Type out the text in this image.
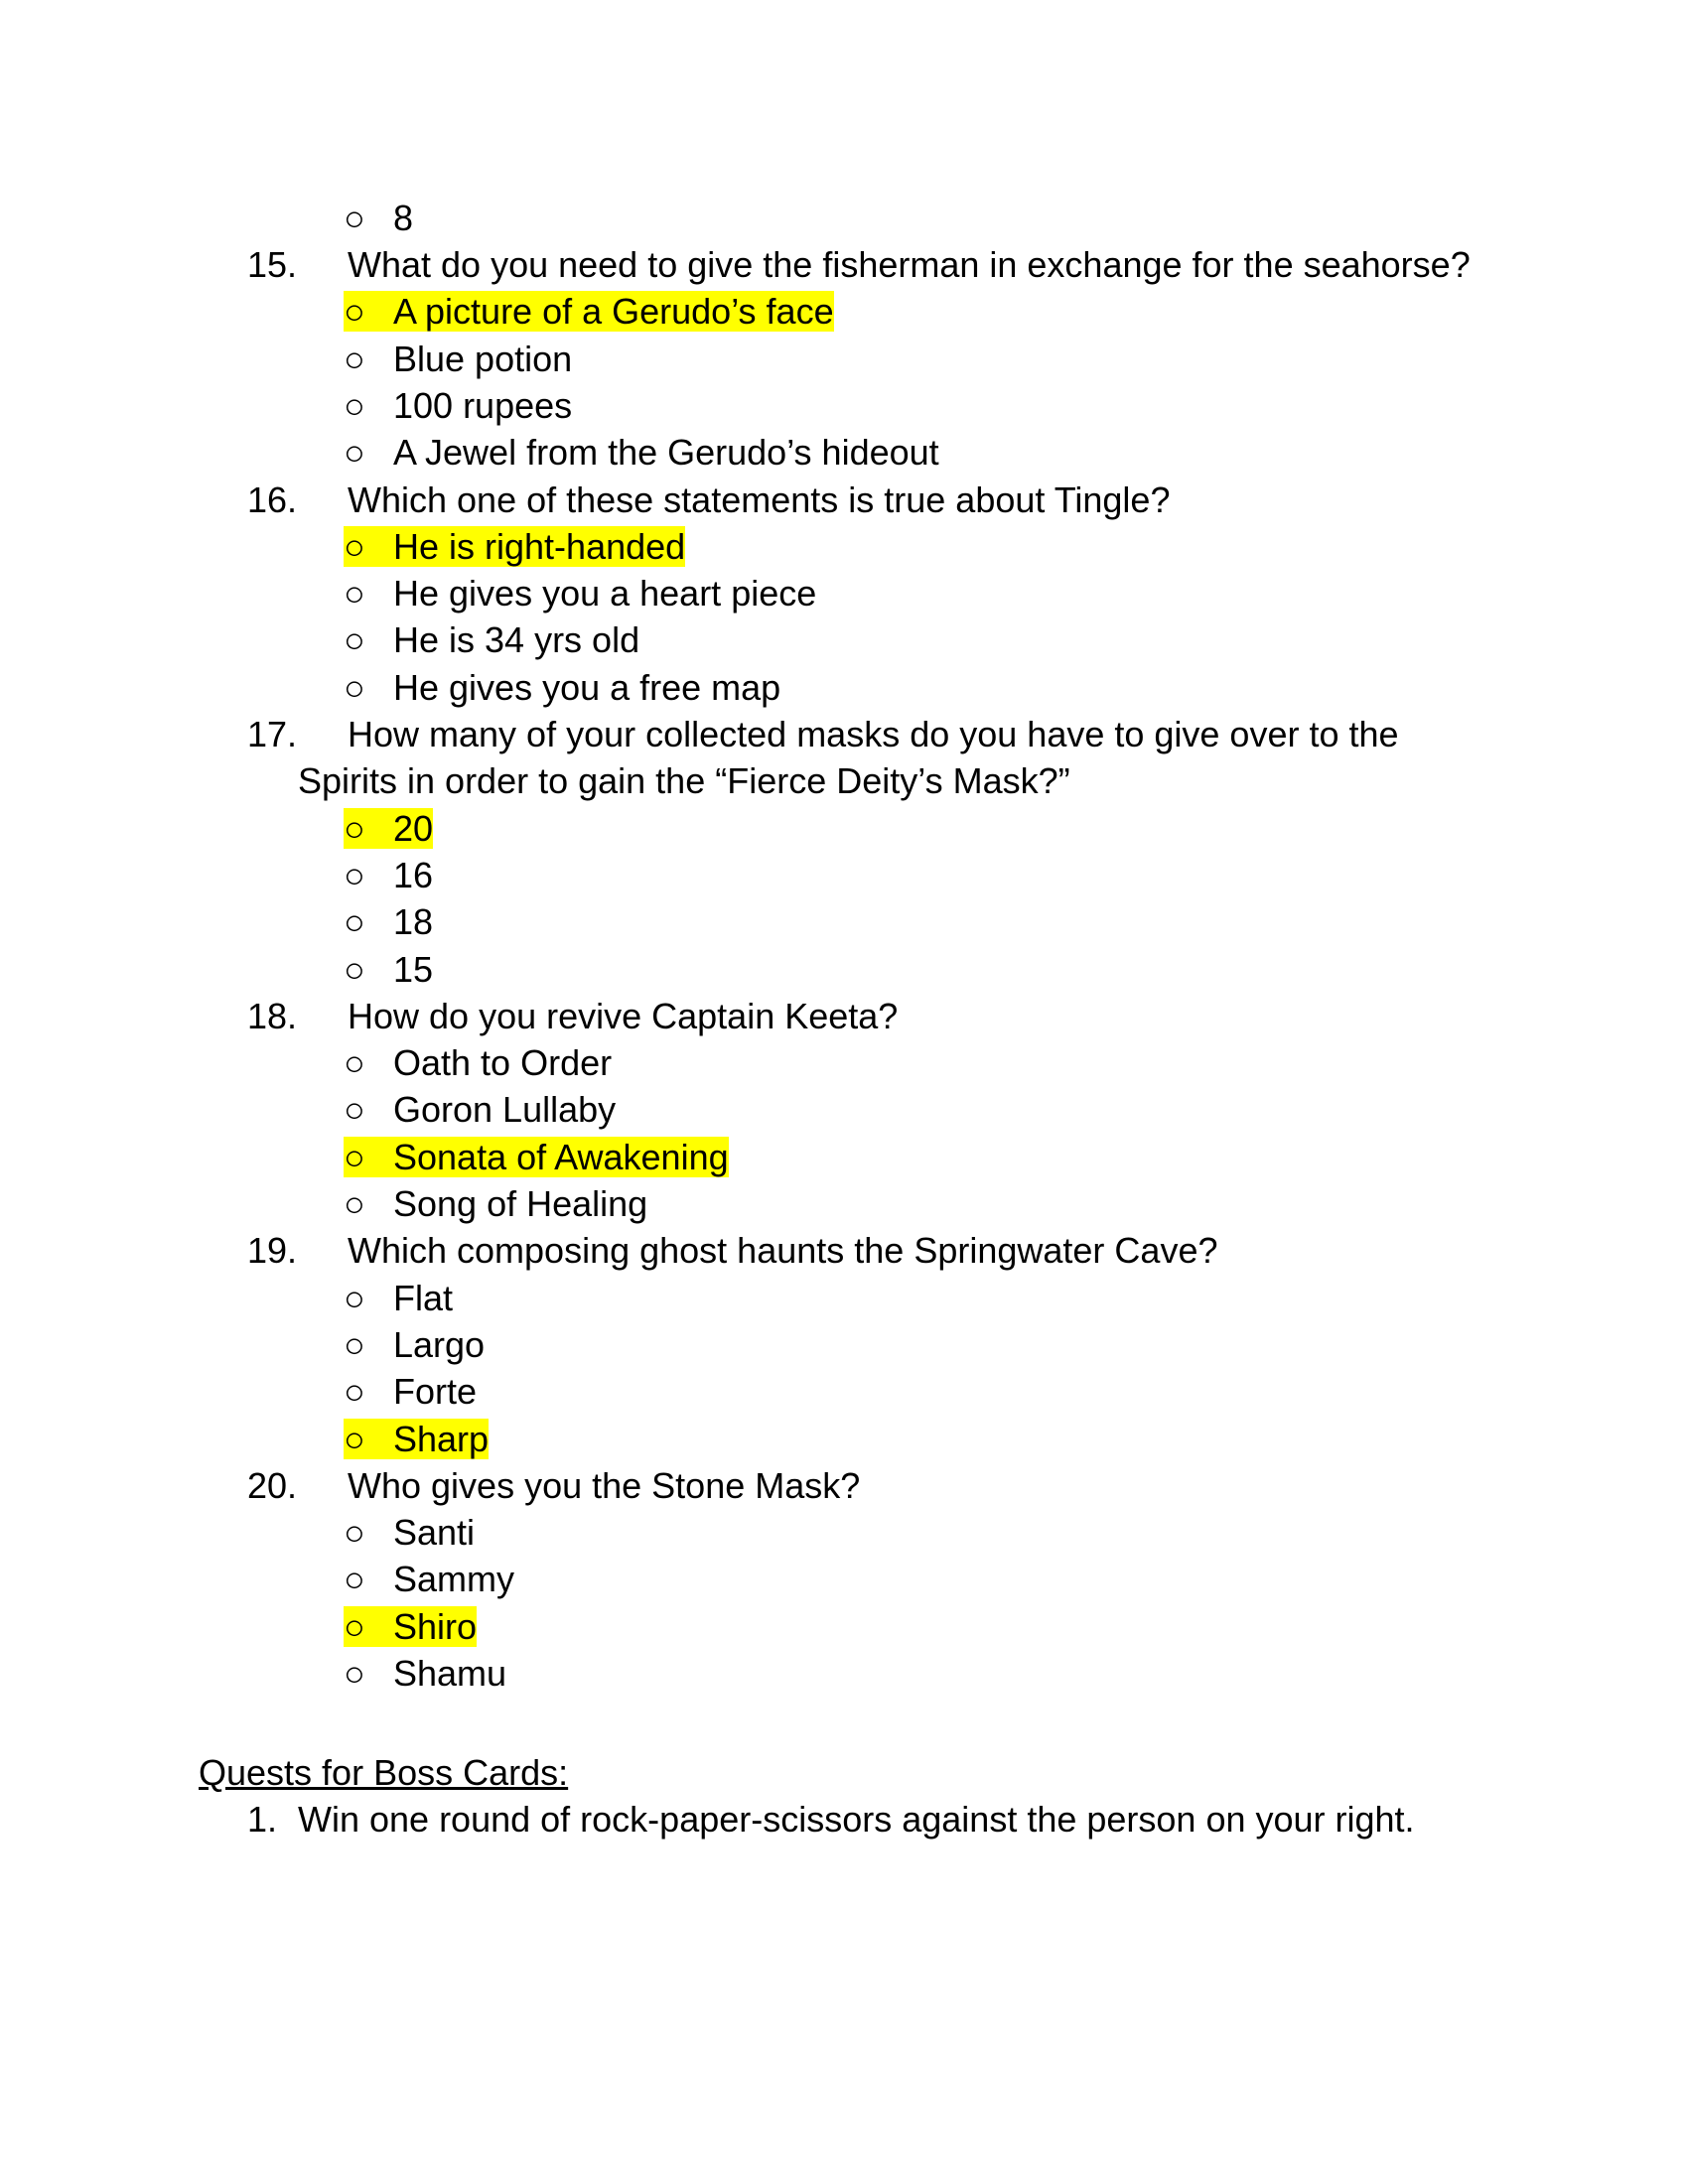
○ 8
15. What do you need to give the fisherman in exchange for the seahorse?
○ A picture of a Gerudo’s face
○ Blue potion
○ 100 rupees
○ A Jewel from the Gerudo’s hideout
16. Which one of these statements is true about Tingle?
○ He is right-handed
○ He gives you a heart piece
○ He is 34 yrs old
○ He gives you a free map
17. How many of your collected masks do you have to give over to the
Spirits in order to gain the “Fierce Deity’s Mask?”
○ 20
○ 16
○ 18
○ 15
18. How do you revive Captain Keeta?
○ Oath to Order
○ Goron Lullaby
○ Sonata of Awakening
○ Song of Healing
19. Which composing ghost haunts the Springwater Cave?
○ Flat
○ Largo
○ Forte
○ Sharp
20. Who gives you the Stone Mask?
○ Santi
○ Sammy
○ Shiro
○ Shamu
Quests for Boss Cards:
1. Win one round of rock-paper-scissors against the person on your right.
